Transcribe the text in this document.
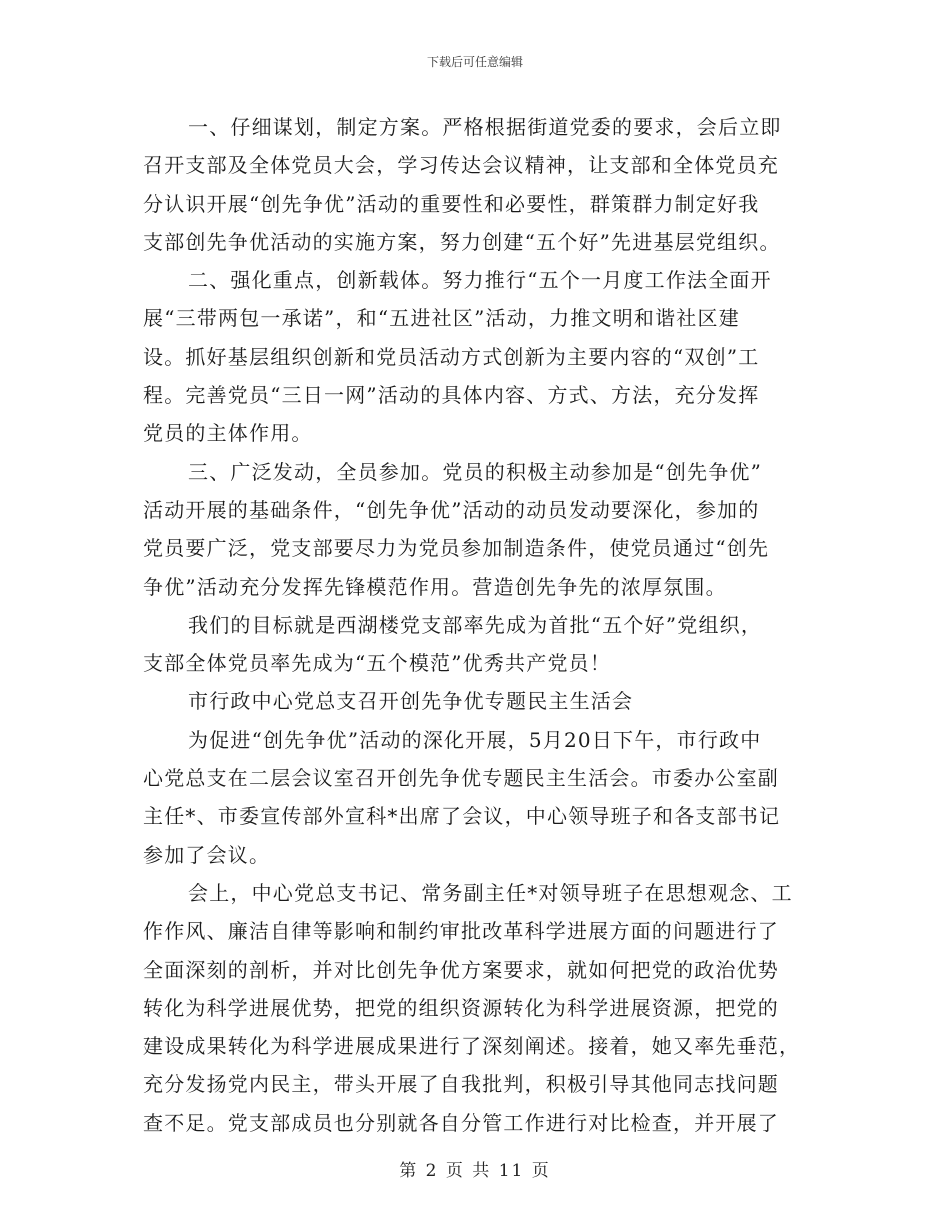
下载后可任意编辑

一、仔细谋划，制定方案。严格根据街道党委的要求，会后立即
召开支部及全体党员大会，学习传达会议精神，让支部和全体党员充
分认识开展“创先争优”活动的重要性和必要性，群策群力制定好我
支部创先争优活动的实施方案，努力创建“五个好”先进基层党组织。

二、强化重点，创新载体。努力推行“五个一月度工作法全面开
展“三带两包一承诺”，和“五进社区”活动，力推文明和谐社区建
设。抓好基层组织创新和党员活动方式创新为主要内容的“双创”工
程。完善党员“三日一网”活动的具体内容、方式、方法，充分发挥
党员的主体作用。

三、广泛发动，全员参加。党员的积极主动参加是“创先争优”
活动开展的基础条件，“创先争优”活动的动员发动要深化，参加的
党员要广泛，党支部要尽力为党员参加制造条件，使党员通过“创先
争优”活动充分发挥先锋模范作用。营造创先争先的浓厚氛围。

我们的目标就是西湖楼党支部率先成为首批“五个好”党组织，
支部全体党员率先成为“五个模范”优秀共产党员！

市行政中心党总支召开创先争优专题民主生活会

为促进“创先争优”活动的深化开展，5月20日下午，市行政中
心党总支在二层会议室召开创先争优专题民主生活会。市委办公室副
主任*、市委宣传部外宣科*出席了会议，中心领导班子和各支部书记
参加了会议。

会上，中心党总支书记、常务副主任*对领导班子在思想观念、工
作作风、廉洁自律等影响和制约审批改革科学进展方面的问题进行了
全面深刻的剖析，并对比创先争优方案要求，就如何把党的政治优势
转化为科学进展优势，把党的组织资源转化为科学进展资源，把党的
建设成果转化为科学进展成果进行了深刻阐述。接着，她又率先垂范，
充分发扬党内民主，带头开展了自我批判，积极引导其他同志找问题
查不足。党支部成员也分别就各自分管工作进行对比检查，并开展了

第 2 页 共 11 页
